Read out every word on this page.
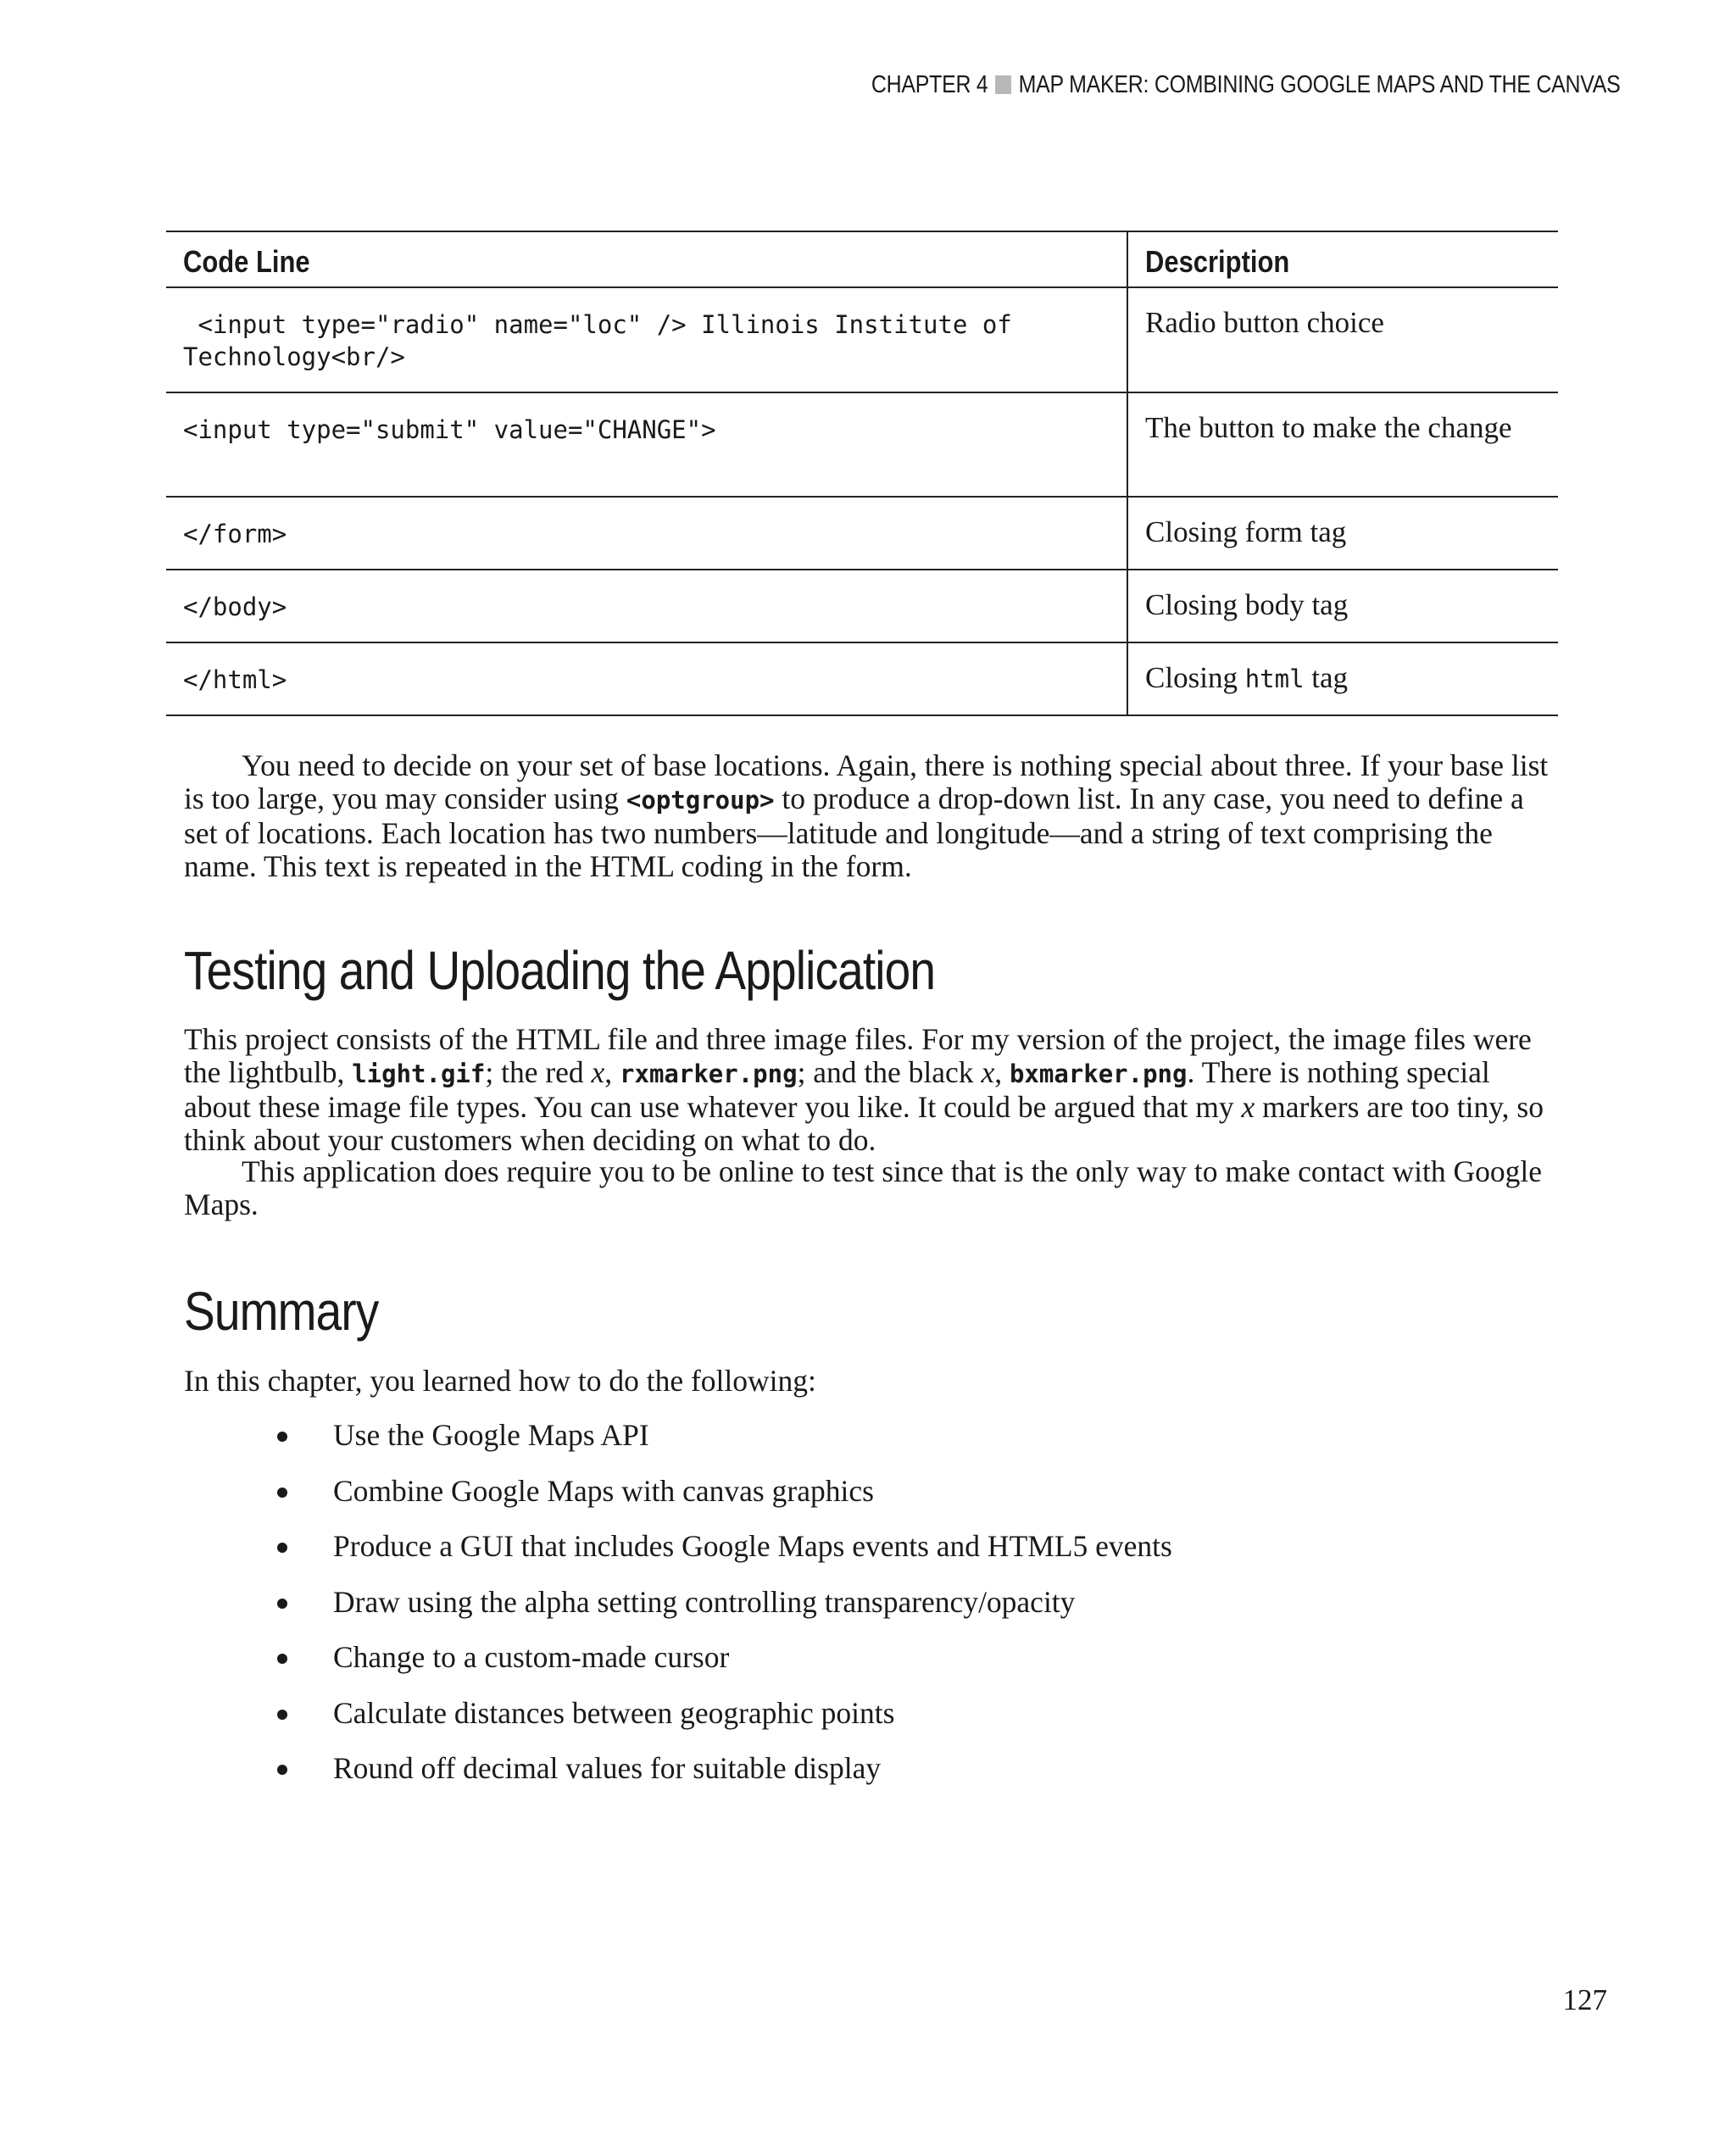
CHAPTER 4 MAP MAKER: COMBINING GOOGLE MAPS AND THE CANVAS
Code Line	Description
<input type="radio" name="loc" /> Illinois Institute of
Technology<br/>	Radio button choice
<input type="submit" value="CHANGE">	The button to make the change
</form>	Closing form tag
</body>	Closing body tag
</html>	Closing html tag

You need to decide on your set of base locations. Again, there is nothing special about three. If your base list is too large, you may consider using <optgroup> to produce a drop-down list. In any case, you need to define a set of locations. Each location has two numbers—latitude and longitude—and a string of text comprising the name. This text is repeated in the HTML coding in the form.

Testing and Uploading the Application

This project consists of the HTML file and three image files. For my version of the project, the image files were the lightbulb, light.gif; the red x, rxmarker.png; and the black x, bxmarker.png. There is nothing special about these image file types. You can use whatever you like. It could be argued that my x markers are too tiny, so think about your customers when deciding on what to do.

This application does require you to be online to test since that is the only way to make contact with Google Maps.

Summary

In this chapter, you learned how to do the following:

Use the Google Maps API
Combine Google Maps with canvas graphics
Produce a GUI that includes Google Maps events and HTML5 events
Draw using the alpha setting controlling transparency/opacity
Change to a custom-made cursor
Calculate distances between geographic points
Round off decimal values for suitable display
127
